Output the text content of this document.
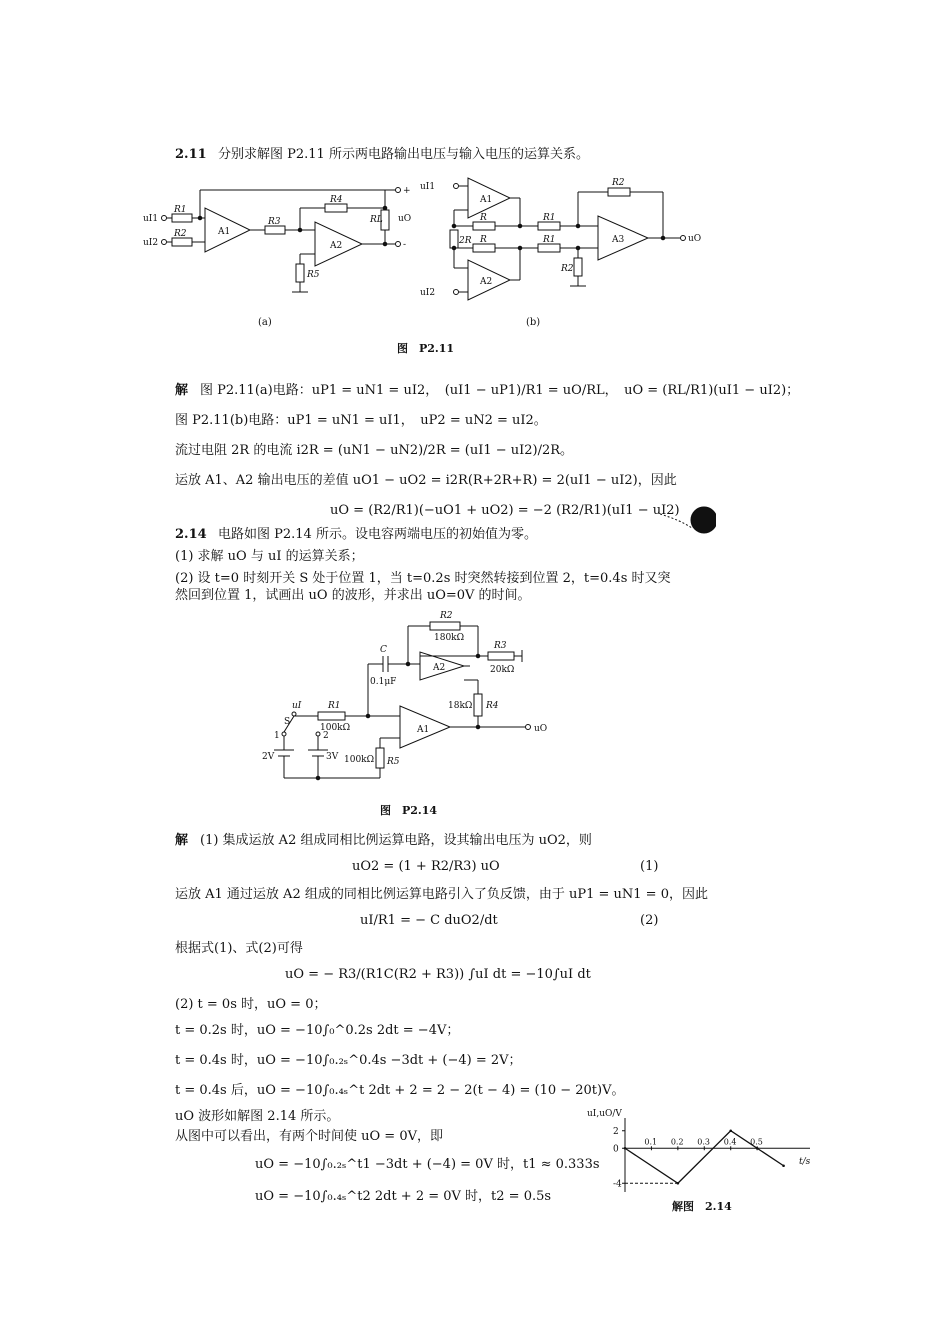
2.11 分别求解图 P2.11 所示两电路输出电压与输入电压的运算关系。
uI1
uI2
R1
R2	A1
R3
R4
A2
R5
RL uO
+
-
(a)
uI1
uI2
A1
A2
A3
R
R
2R
R1
R1
R2
R2
uO
(b)
图　P2.11
解 图 P2.11(a)电路：uP1 = uN1 = uI2，　(uI1 − uP1)/R1 = uO/RL，　uO = (RL/R1)(uI1 − uI2)；
图 P2.11(b)电路：uP1 = uN1 = uI1，　uP2 = uN2 = uI2。
流过电阻 2R 的电流 i2R = (uN1 − uN2)/2R = (uI1 − uI2)/2R。
运放 A1、A2 输出电压的差值 uO1 − uO2 = i2R(R+2R+R) = 2(uI1 − uI2)，因此
uO = (R2/R1)(−uO1 + uO2) = −2 (R2/R1)(uI1 − uI2)
2.14 电路如图 P2.14 所示。设电容两端电压的初始值为零。
(1) 求解 uO 与 uI 的运算关系；
(2) 设 t=0 时刻开关 S 处于位置 1，当 t=0.2s 时突然转接到位置 2，t=0.4s 时又突
然回到位置 1，试画出 uO 的波形，并求出 uO=0V 的时间。
R2
180kΩ
C
0.1μF
A2
R3
20kΩ
uI
S
R1
100kΩ
1	2
A1
18kΩ R4
uO
2V	3V 100kΩ R5
图　P2.14
解 (1) 集成运放 A2 组成同相比例运算电路，设其输出电压为 uO2，则
uO2 = (1 + R2/R3) uO	(1)
运放 A1 通过运放 A2 组成的同相比例运算电路引入了负反馈，由于 uP1 = uN1 = 0，因此
uI/R1 = − C duO2/dt	(2)
根据式(1)、式(2)可得
uO = − R3/(R1C(R2 + R3)) ∫uI dt = −10∫uI dt
(2) t = 0s 时，uO = 0；
t = 0.2s 时，uO = −10∫₀^0.2s 2dt = −4V；
t = 0.4s 时，uO = −10∫₀.₂ₛ^0.4s −3dt + (−4) = 2V；
t = 0.4s 后，uO = −10∫₀.₄ₛ^t 2dt + 2 = 2 − 2(t − 4) = (10 − 20t)V。
uO 波形如解图 2.14 所示。
从图中可以看出，有两个时间使 uO = 0V，即
uO = −10∫₀.₂ₛ^t1 −3dt + (−4) = 0V 时，t1 ≈ 0.333s
uO = −10∫₀.₄ₛ^t2 2dt + 2 = 0V 时，t2 = 0.5s
2
0
-4
0.1 0.2 0.3 0.4 0.5
uI,uO/V
t/s
解图　2.14
